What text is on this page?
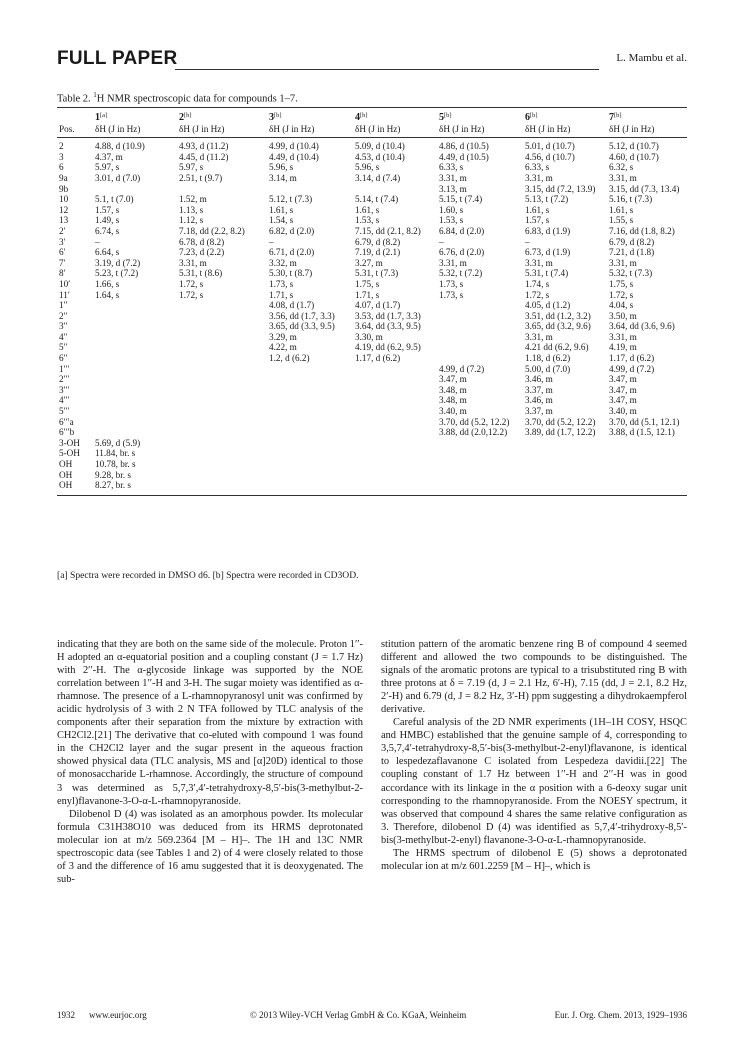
FULL PAPER	L. Mambu et al.
Table 2. $^1$H NMR spectroscopic data for compounds 1–7.
	1[a]	2[b]	3[b]	4[b]	5[b]	6[b]	7[b]
Pos.	δH (J in Hz)	δH (J in Hz)	δH (J in Hz)	δH (J in Hz)	δH (J in Hz)	δH (J in Hz)	δH (J in Hz)
2	4.88, d (10.9)	4.93, d (11.2)	4.99, d (10.4)	5.09, d (10.4)	4.86, d (10.5)	5.01, d (10.7)	5.12, d (10.7)
3	4.37, m	4.45, d (11.2)	4.49, d (10.4)	4.53, d (10.4)	4.49, d (10.5)	4.56, d (10.7)	4.60, d (10.7)
6	5.97, s	5.97, s	5.96, s	5.96, s	6.33, s	6.33, s	6.32, s
9a	3.01, d (7.0)	2.51, t (9.7)	3.14, m	3.14, d (7.4)	3.31, m	3.31, m	3.31, m
9b					3.13, m	3.15, dd (7.2, 13.9)	3.15, dd (7.3, 13.4)
10	5.1, t (7.0)	1.52, m	5.12, t (7.3)	5.14, t (7.4)	5.15, t (7.4)	5.13, t (7.2)	5.16, t (7.3)
12	1.57, s	1.13, s	1.61, s	1.61, s	1.60, s	1.61, s	1.61, s
13	1.49, s	1.12, s	1.54, s	1.53, s	1.53, s	1.57, s	1.55, s
2′	6.74, s	7.18, dd (2.2, 8.2)	6.82, d (2.0)	7.15, dd (2.1, 8.2)	6.84, d (2.0)	6.83, d (1.9)	7.16, dd (1.8, 8.2)
3′	–	6.78, d (8.2)	–	6.79, d (8.2)	–	–	6.79, d (8.2)
6′	6.64, s	7.23, d (2.2)	6.71, d (2.0)	7.19, d (2.1)	6.76, d (2.0)	6.73, d (1.9)	7.21, d (1.8)
7′	3.19, d (7.2)	3.31, m	3.32, m	3.27, m	3.31, m	3.31, m	3.31, m
8′	5.23, t (7.2)	5.31, t (8.6)	5.30, t (8.7)	5.31, t (7.3)	5.32, t (7.2)	5.31, t (7.4)	5.32, t (7.3)
10′	1.66, s	1.72, s	1.73, s	1.75, s	1.73, s	1.74, s	1.75, s
11′	1.64, s	1.72, s	1.71, s	1.71, s	1.73, s	1.72, s	1.72, s
1′′			4.08, d (1.7)	4.07, d (1.7)		4.05, d (1.2)	4.04, s
2′′			3.56, dd (1.7, 3.3)	3.53, dd (1.7, 3.3)		3.51, dd (1.2, 3.2)	3.50, m
3′′			3.65, dd (3.3, 9.5)	3.64, dd (3.3, 9.5)		3.65, dd (3.2, 9.6)	3.64, dd (3.6, 9.6)
4′′			3.29, m	3.30, m		3.31, m	3.31, m
5′′			4.22, m	4.19, dd (6.2, 9.5)		4.21 dd (6.2, 9.6)	4.19, m
6′′			1.2, d (6.2)	1.17, d (6.2)		1.18, d (6.2)	1.17, d (6.2)
1′′′					4.99, d (7.2)	5.00, d (7.0)	4.99, d (7.2)
2′′′					3.47, m	3.46, m	3.47, m
3′′′					3.48, m	3.37, m	3.47, m
4′′′					3.48, m	3.46, m	3.47, m
5′′′					3.40, m	3.37, m	3.40, m
6′′′a					3.70, dd (5.2, 12.2)	3.70, dd (5.2, 12.2)	3.70, dd (5.1, 12.1)
6′′′b					3.88, dd (2.0,12.2)	3.89, dd (1.7, 12.2)	3.88, d (1.5, 12.1)
3-OH	5.69, d (5.9)						
5-OH	11.84, br. s						
OH	10.78, br. s						
OH	9.28, br. s						
OH	8.27, br. s						
[a] Spectra were recorded in DMSO d6. [b] Spectra were recorded in CD3OD.

indicating that they are both on the same side of the molecule. Proton 1′′-H adopted an α-equatorial position and a coupling constant (J = 1.7 Hz) with 2′′-H. The α-glycoside linkage was supported by the NOE correlation between 1′′-H and 3-H. The sugar moiety was identified as α-rhamnose. The presence of a L-rhamnopyranosyl unit was confirmed by acidic hydrolysis of 3 with 2 N TFA followed by TLC analysis of the components after their separation from the mixture by extraction with CH2Cl2.[21] The derivative that co-eluted with compound 1 was found in the CH2Cl2 layer and the sugar present in the aqueous fraction showed physical data (TLC analysis, MS and [α]20D) identical to those of monosaccharide L-rhamnose. Accordingly, the structure of compound 3 was determined as 5,7,3′,4′-tetrahydroxy-8,5′-bis(3-methylbut-2-enyl)flavanone-3-O-α-L-rhamnopyranoside.

Dilobenol D (4) was isolated as an amorphous powder. Its molecular formula C31H38O10 was deduced from its HRMS deprotonated molecular ion at m/z 569.2364 [M – H]–. The 1H and 13C NMR spectroscopic data (see Tables 1 and 2) of 4 were closely related to those of 3 and the difference of 16 amu suggested that it is deoxygenated. The sub-

stitution pattern of the aromatic benzene ring B of compound 4 seemed different and allowed the two compounds to be distinguished. The signals of the aromatic protons are typical to a trisubstituted ring B with three protons at δ = 7.19 (d, J = 2.1 Hz, 6′-H), 7.15 (dd, J = 2.1, 8.2 Hz, 2′-H) and 6.79 (d, J = 8.2 Hz, 3′-H) ppm suggesting a dihydrokaempferol derivative.

Careful analysis of the 2D NMR experiments (1H–1H COSY, HSQC and HMBC) established that the genuine sample of 4, corresponding to 3,5,7,4′-tetrahydroxy-8,5′-bis(3-methylbut-2-enyl)flavanone, is identical to lespedezaflavanone C isolated from Lespedeza davidii.[22] The coupling constant of 1.7 Hz between 1′′-H and 2′′-H was in good accordance with its linkage in the α position with a 6-deoxy sugar unit corresponding to the rhamnopyranoside. From the NOESY spectrum, it was observed that compound 4 shares the same relative configuration as 3. Therefore, dilobenol D (4) was identified as 5,7,4′-trihydroxy-8,5′-bis(3-methylbut-2-enyl) flavanone-3-O-α-L-rhamnopyranoside.

The HRMS spectrum of dilobenol E (5) shows a deprotonated molecular ion at m/z 601.2259 [M – H]–, which is

1932 www.eurjoc.org	© 2013 Wiley-VCH Verlag GmbH & Co. KGaA, Weinheim	Eur. J. Org. Chem. 2013, 1929–1936
